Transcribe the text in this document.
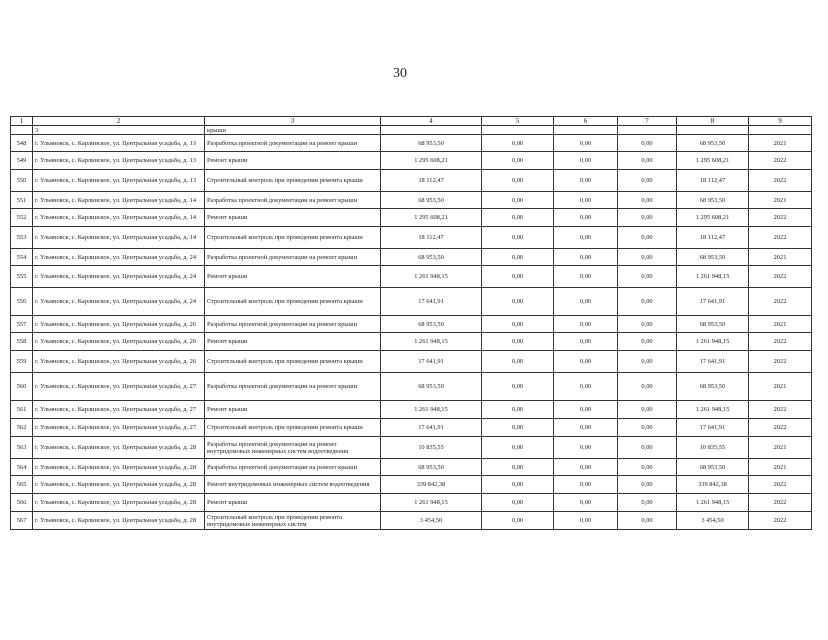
30
1	2	3	4	5	6	7	8	9
	3	крыши						
548	г. Ульяновск, с. Карлинское, ул. Центральная усадьба, д. 13	Разработка проектной документации на ремонт крыши	68 953,50	0,00	0,00	0,00	68 953,50	2021
549	г. Ульяновск, с. Карлинское, ул. Центральная усадьба, д. 13	Ремонт крыши	1 295 608,21	0,00	0,00	0,00	1 295 608,21	2022
550	г. Ульяновск, с. Карлинское, ул. Центральная усадьба, д. 13	Строительный контроль при проведении ремонта крыши	18 112,47	0,00	0,00	0,00	18 112,47	2022
551	г. Ульяновск, с. Карлинское, ул. Центральная усадьба, д. 14	Разработка проектной документации на ремонт крыши	68 953,50	0,00	0,00	0,00	68 953,50	2021
552	г. Ульяновск, с. Карлинское, ул. Центральная усадьба, д. 14	Ремонт крыши	1 295 608,21	0,00	0,00	0,00	1 295 608,21	2022
553	г. Ульяновск, с. Карлинское, ул. Центральная усадьба, д. 14	Строительный контроль при проведении ремонта крыши	18 112,47	0,00	0,00	0,00	18 112,47	2022
554	г. Ульяновск, с. Карлинское, ул. Центральная усадьба, д. 24	Разработка проектной документации на ремонт крыши	68 953,50	0,00	0,00	0,00	68 953,50	2021
555	г. Ульяновск, с. Карлинское, ул. Центральная усадьба, д. 24	Ремонт крыши	1 261 948,15	0,00	0,00	0,00	1 261 948,15	2022
556	г. Ульяновск, с. Карлинское, ул. Центральная усадьба, д. 24	Строительный контроль при проведении ремонта крыши	17 641,91	0,00	0,00	0,00	17 641,91	2022
557	г. Ульяновск, с. Карлинское, ул. Центральная усадьба, д. 26	Разработка проектной документации на ремонт крыши	68 953,50	0,00	0,00	0,00	68 953,50	2021
558	г. Ульяновск, с. Карлинское, ул. Центральная усадьба, д. 26	Ремонт крыши	1 261 948,15	0,00	0,00	0,00	1 261 948,15	2022
559	г. Ульяновск, с. Карлинское, ул. Центральная усадьба, д. 26	Строительный контроль при проведении ремонта крыши	17 641,91	0,00	0,00	0,00	17 641,91	2022
560	г. Ульяновск, с. Карлинское, ул. Центральная усадьба, д. 27	Разработка проектной документации на ремонт крыши	68 953,50	0,00	0,00	0,00	68 953,50	2021
561	г. Ульяновск, с. Карлинское, ул. Центральная усадьба, д. 27	Ремонт крыши	1 261 948,15	0,00	0,00	0,00	1 261 948,15	2022
562	г. Ульяновск, с. Карлинское, ул. Центральная усадьба, д. 27	Строительный контроль при проведении ремонта крыши	17 641,91	0,00	0,00	0,00	17 641,91	2022
563	г. Ульяновск, с. Карлинское, ул. Центральная усадьба, д. 28	Разработка проектной документации на ремонт внутридомовых инженерных систем водоотведения	10 835,55	0,00	0,00	0,00	10 835,55	2021
564	г. Ульяновск, с. Карлинское, ул. Центральная усадьба, д. 28	Разработка проектной документации на ремонт крыши	68 953,50	0,00	0,00	0,00	68 953,50	2021
565	г. Ульяновск, с. Карлинское, ул. Центральная усадьба, д. 28	Ремонт внутридомовых инженерных систем водоотведения	339 842,38	0,00	0,00	0,00	339 842,38	2022
566	г. Ульяновск, с. Карлинское, ул. Центральная усадьба, д. 28	Ремонт крыши	1 261 948,15	0,00	0,00	0,00	1 261 948,15	2022
567	г. Ульяновск, с. Карлинское, ул. Центральная усадьба, д. 28	Строительный контроль при проведении ремонта внутридомовых инженерных систем	3 454,50	0,00	0,00	0,00	3 454,50	2022
